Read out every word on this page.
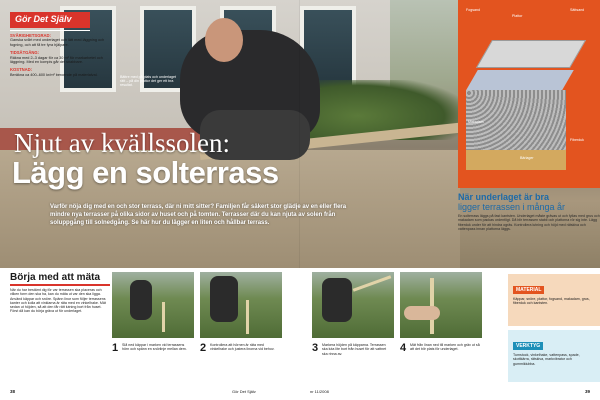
Gör Det Själv
SVÅRIGHETSGRAD:
Ganska svårt med underlaget och lätt med läggning och fogning, och att få tre fyra hjälpare.
TIDSÅTGÅNG:
Räkna med 2–3 dagar för ca 30 m² för markarbetet och läggning. Med en kompis går det snabbare.
KOSTNAD:
Beräkna ca 400–600 kr/m² beroende på materialval.
Bättre med på plats och underlaget rätt – på din plattor det ger ett bra resultat.
Njut av kvällssolen:
Lägg en solterrass
Varför nöja dig med en och stor terrass, där ni mitt sitter? Familjen får säkert stor glädje av en eller flera mindre nya terrasser på olika sidor av huset och på tomten. Terrasser där du kan njuta av solen från soluppgång till solnedgång. Se här hur du lägger en liten och hållbar terrass.
Fogsand
Plattor
Sättsand
Makadam
Bärlager
Fiberduk
När underlaget är bra
ligger terrassen i många år
En solterrass läggs på fast kantsten. Underlaget måste grävas ut och fyllas med grus och makadam som packas ordentligt. Då blir terrassen stabil och plattorna rör sig inte. Lägg fiberduk under för att hindra ogräs. Kontrollera lutning och höjd med rätskiva och vattenpass innan plattorna läggs.
Börja med att mäta
När du har bestämt dig för var terrassen ska placeras och vilken form den ska ha, kan du mäta ut var den ska ligga. Använd käppar och snöre. Spänn linor som följer terrassens kanter och kolla att vinklarna är räta med en vinkelhake. Mät sedan ut höjden, så att den får rätt lutning bort från huset. Först då kan du börja gräva ut för underlaget.
1 Slå ned käppar i marken vid terrassens hörn och spänn en snörlinje mellan dem.	2 Kontrollera att hörnen är räta med vinkelhake och justera linorna vid behov.	3 Markera höjden på käpparna. Terrassen ska luta lite bort från huset för att vattnet ska rinna av.	4 Mät från linan ned till marken och gräv ut så att det blir plats för underlaget.
MATERIAL
Käppar, snöre, plattor, fogsand, makadam, grus, fiberduk och kantsten.
VERKTYG
Tumstock, vinkelhake, vattenpass, spade, skottkärra, rätskiva, markvibrator och gummiklubba.
38	Gör Det Själv	nr 11/2008	39
